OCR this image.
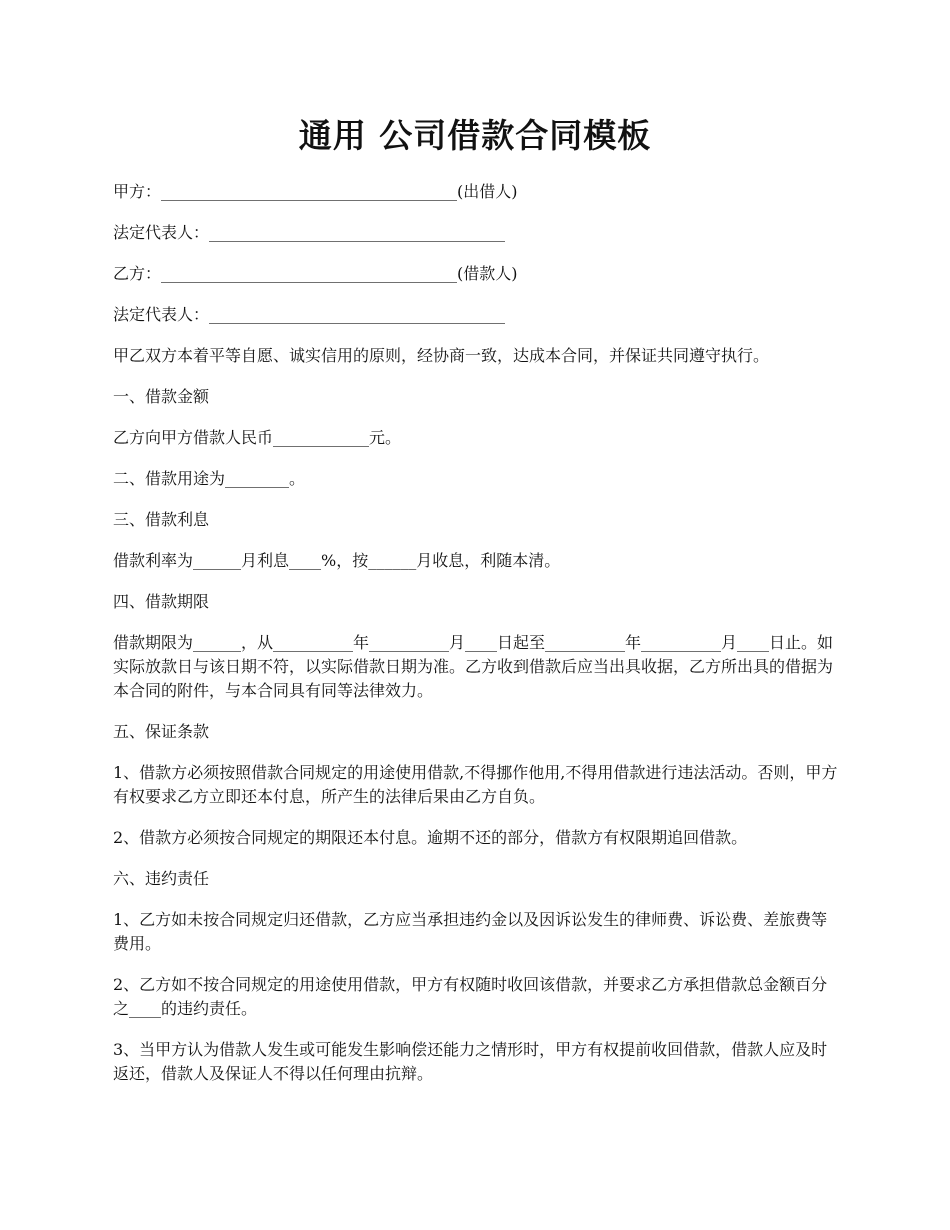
通用 公司借款合同模板

甲方：_____________________________________(出借人)

法定代表人：_____________________________________

乙方：_____________________________________(借款人)

法定代表人：_____________________________________

甲乙双方本着平等自愿、诚实信用的原则，经协商一致，达成本合同，并保证共同遵守执行。

一、借款金额

乙方向甲方借款人民币____________元。

二、借款用途为________。

三、借款利息

借款利率为______月利息____%，按______月收息，利随本清。

四、借款期限

借款期限为______，从__________年__________月____日起至__________年__________月____日止。如实际放款日与该日期不符，以实际借款日期为准。乙方收到借款后应当出具收据，乙方所出具的借据为本合同的附件，与本合同具有同等法律效力。

五、保证条款

1、借款方必须按照借款合同规定的用途使用借款,不得挪作他用,不得用借款进行违法活动。否则，甲方有权要求乙方立即还本付息，所产生的法律后果由乙方自负。

2、借款方必须按合同规定的期限还本付息。逾期不还的部分，借款方有权限期追回借款。

六、违约责任

1、乙方如未按合同规定归还借款，乙方应当承担违约金以及因诉讼发生的律师费、诉讼费、差旅费等费用。

2、乙方如不按合同规定的用途使用借款，甲方有权随时收回该借款，并要求乙方承担借款总金额百分之____的违约责任。

3、当甲方认为借款人发生或可能发生影响偿还能力之情形时，甲方有权提前收回借款，借款人应及时返还，借款人及保证人不得以任何理由抗辩。
